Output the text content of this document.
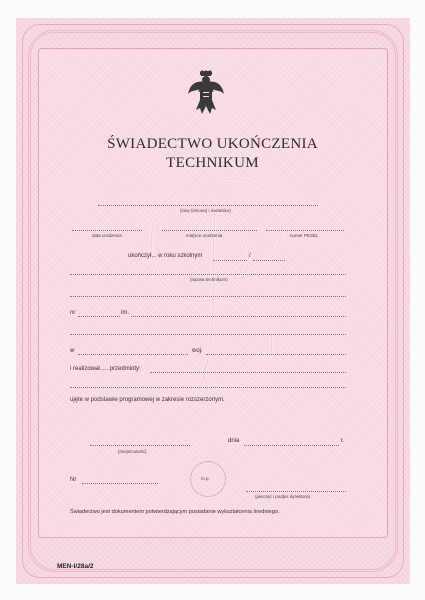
ŚWIADECTWO UKOŃCZENIA
TECHNIKUM
(imię (imiona) i nazwisko)
data urodzenia	miejsce urodzenia	numer PESEL
ukończył... w roku szkolnym	/
(nazwa technikum)
nr	im.
w	woj.
i realizował..... przedmioty:
ujęte w podstawie programowej w zakresie rozszerzonym.
dnia	r.
(miejscowość)
Nr	m.p.
(pieczęć i podpis dyrektora)
Świadectwo jest dokumentem potwierdzającym posiadanie wykształcenia średniego.
MEN-I/28a/2
